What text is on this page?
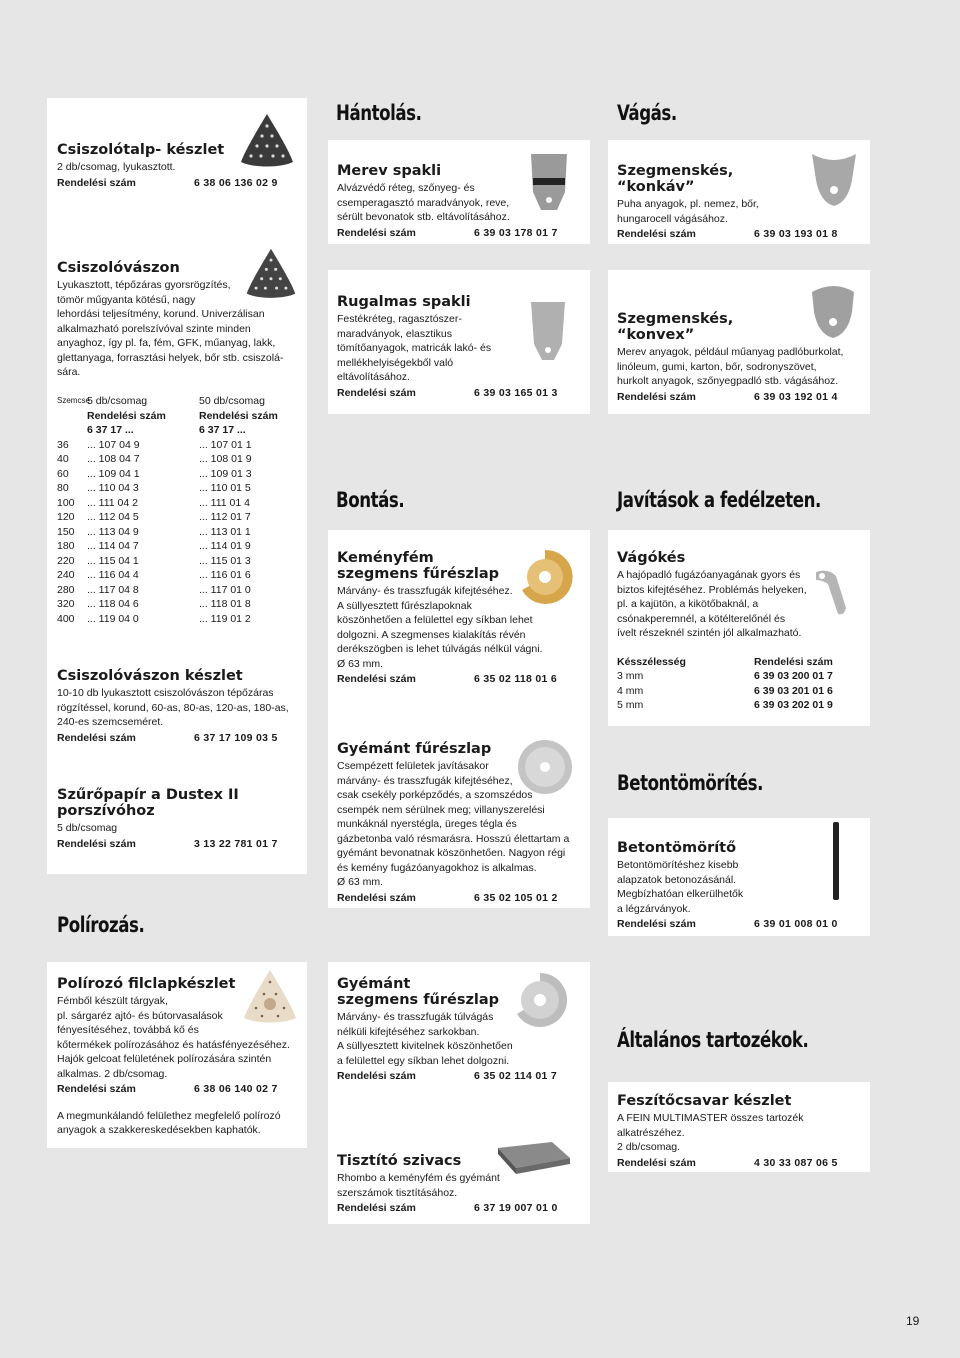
Hántolás.	Vágás.
Bontás.	Javítások a fedélzeten.
Betontömörítés.
Polírozás.
Általános tartozékok.
Csiszolótalp- készlet
2 db/csomag, lyukasztott.
Rendelési szám	6 38 06 136 02 9
Csiszolóvászon
Lyukasztott, tépőzáras gyorsrögzítés,
tömör műgyanta kötésű, nagy
lehordási teljesítmény, korund. Univerzálisan
alkalmazható porelszívóval szinte minden
anyaghoz, így pl. fa, fém, GFK, műanyag, lakk,
glettanyaga, forrasztási helyek, bőr stb. csiszolá-
sára.
Szemcse
5 db/csomag	50 db/csomag
Rendelési szám	Rendelési szám
6 37 17 ...	6 37 17 ...
36	... 107 04 9	... 107 01 1
40	... 108 04 7	... 108 01 9
60	... 109 04 1	... 109 01 3
80	... 110 04 3	... 110 01 5
100	... 111 04 2	... 111 01 4
120	... 112 04 5	... 112 01 7
150	... 113 04 9	... 113 01 1
180	... 114 04 7	... 114 01 9
220	... 115 04 1	... 115 01 3
240	... 116 04 4	... 116 01 6
280	... 117 04 8	... 117 01 0
320	... 118 04 6	... 118 01 8
400	... 119 04 0	... 119 01 2
Csiszolóvászon készlet
10-10 db lyukasztott csiszolóvászon tépőzáras
rögzítéssel, korund, 60-as, 80-as, 120-as, 180-as,
240-es szemcseméret.
Rendelési szám	6 37 17 109 03 5
Szűrőpapír a Dustex II
porszívóhoz
5 db/csomag
Rendelési szám	3 13 22 781 01 7
Merev spakli
Alvázvédő réteg, szőnyeg- és
csemperagasztó maradványok, reve,
sérült bevonatok stb. eltávolításához.
Rendelési szám	6 39 03 178 01 7
Rugalmas spakli
Festékréteg, ragasztószer-
maradványok, elasztikus
tömítőanyagok, matricák lakó- és
mellékhelyiségekből való
eltávolításához.
Rendelési szám	6 39 03 165 01 3
Keményfém
szegmens fűrészlap
Márvány- és trasszfugák kifejtéséhez.
A süllyesztett fűrészlapoknak
köszönhetően a felülettel egy síkban lehet
dolgozni. A szegmenses kialakítás révén
derékszögben is lehet túlvágás nélkül vágni.
Ø 63 mm.
Rendelési szám	6 35 02 118 01 6
Gyémánt fűrészlap
Csempézett felületek javításakor
márvány- és trasszfugák kifejtéséhez,
csak csekély porképződés, a szomszédos
csempék nem sérülnek meg; villanyszerelési
munkáknál nyerstégla, üreges tégla és
gázbetonba való résmarásra. Hosszú élettartam a
gyémánt bevonatnak köszönhetően. Nagyon régi
és kemény fugázóanyagokhoz is alkalmas.
Ø 63 mm.
Rendelési szám	6 35 02 105 01 2
Gyémánt
szegmens fűrészlap
Márvány- és trasszfugák túlvágás
nélküli kifejtéséhez sarkokban.
A süllyesztett kivitelnek köszönhetően
a felülettel egy síkban lehet dolgozni.
Rendelési szám	6 35 02 114 01 7
Tisztító szivacs
Rhombo a keményfém és gyémánt
szerszámok tisztításához.
Rendelési szám	6 37 19 007 01 0
Szegmenskés,
“konkáv”
Puha anyagok, pl. nemez, bőr,
hungarocell vágásához.
Rendelési szám	6 39 03 193 01 8
Szegmenskés,
“konvex”
Merev anyagok, például műanyag padlóburkolat,
linóleum, gumi, karton, bőr, sodronyszövet,
hurkolt anyagok, szőnyegpadló stb. vágásához.
Rendelési szám	6 39 03 192 01 4
Vágókés
A hajópadló fugázóanyagának gyors és
biztos kifejtéséhez. Problémás helyeken,
pl. a kajütön, a kikötőbaknál, a
csónakperemnél, a kötélterelőnél és
ívelt részeknél szintén jól alkalmazható.
Késszélesség	Rendelési szám
3 mm	6 39 03 200 01 7
4 mm	6 39 03 201 01 6
5 mm	6 39 03 202 01 9
Betontömörítő
Betontömörítéshez kisebb
alapzatok betonozásánál.
Megbízhatóan elkerülhetők
a légzárványok.
Rendelési szám	6 39 01 008 01 0
Polírozó filclapkészlet
Fémből készült tárgyak,
pl. sárgaréz ajtó- és bútorvasalások
fényesítéséhez, továbbá kő és
kőtermékek polírozásához és hatásfényezéséhez.
Hajók gelcoat felületének polírozására szintén
alkalmas. 2 db/csomag.
Rendelési szám	6 38 06 140 02 7
A megmunkálandó felülethez megfelelő polírozó
anyagok a szakkereskedésekben kaphatók.
Feszítőcsavar készlet
A FEIN MULTIMASTER összes tartozék
alkatrészéhez.
2 db/csomag.
Rendelési szám	4 30 33 087 06 5
19
